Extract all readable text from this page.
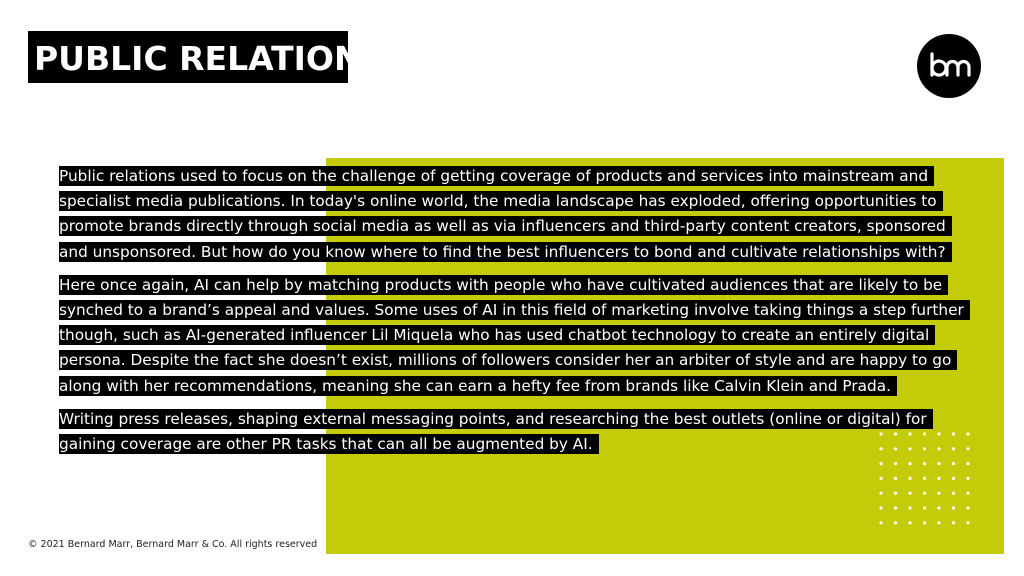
PUBLIC RELATIONS

Public relations used to focus on the challenge of getting coverage of products and services into mainstream and specialist media publications. In today's online world, the media landscape has exploded, offering opportunities to promote brands directly through social media as well as via influencers and third-party content creators, sponsored and unsponsored. But how do you know where to find the best influencers to bond and cultivate relationships with?

Here once again, AI can help by matching products with people who have cultivated audiences that are likely to be synched to a brand’s appeal and values. Some uses of AI in this field of marketing involve taking things a step further though, such as AI-generated influencer Lil Miquela who has used chatbot technology to create an entirely digital persona. Despite the fact she doesn’t exist, millions of followers consider her an arbiter of style and are happy to go along with her recommendations, meaning she can earn a hefty fee from brands like Calvin Klein and Prada.

Writing press releases, shaping external messaging points, and researching the best outlets (online or digital) for gaining coverage are other PR tasks that can all be augmented by AI.

© 2021 Bernard Marr, Bernard Marr & Co. All rights reserved
